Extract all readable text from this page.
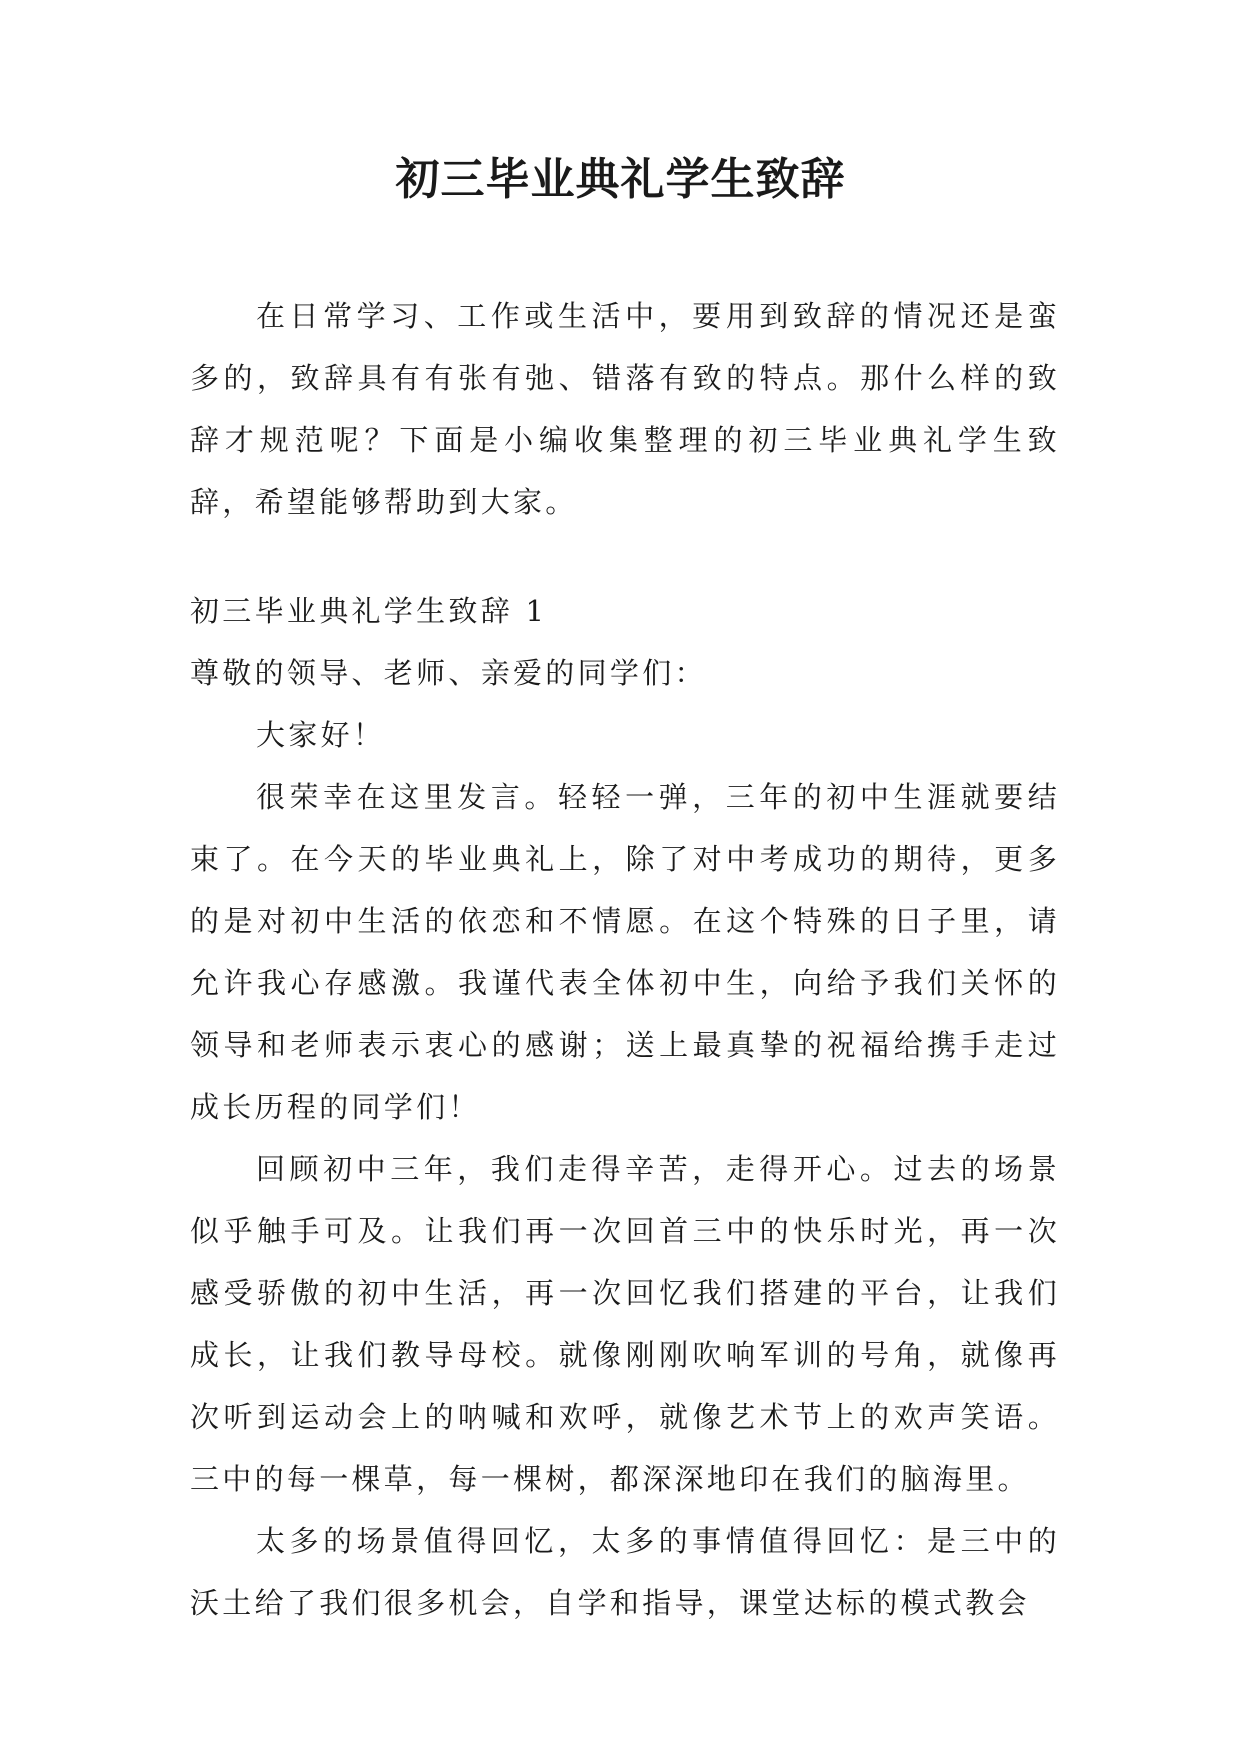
初三毕业典礼学生致辞

在日常学习、工作或生活中，要用到致辞的情况还是蛮多的，致辞具有有张有弛、错落有致的特点。那什么样的致辞才规范呢？下面是小编收集整理的初三毕业典礼学生致辞，希望能够帮助到大家。

初三毕业典礼学生致辞 1

尊敬的领导、老师、亲爱的同学们：

大家好！

很荣幸在这里发言。轻轻一弹，三年的初中生涯就要结束了。在今天的毕业典礼上，除了对中考成功的期待，更多的是对初中生活的依恋和不情愿。在这个特殊的日子里，请允许我心存感激。我谨代表全体初中生，向给予我们关怀的领导和老师表示衷心的感谢；送上最真挚的祝福给携手走过成长历程的同学们！

回顾初中三年，我们走得辛苦，走得开心。过去的场景似乎触手可及。让我们再一次回首三中的快乐时光，再一次感受骄傲的初中生活，再一次回忆我们搭建的平台，让我们成长，让我们教导母校。就像刚刚吹响军训的号角，就像再次听到运动会上的呐喊和欢呼，就像艺术节上的欢声笑语。三中的每一棵草，每一棵树，都深深地印在我们的脑海里。

太多的场景值得回忆，太多的事情值得回忆：是三中的沃土给了我们很多机会，自学和指导，课堂达标的模式教会
